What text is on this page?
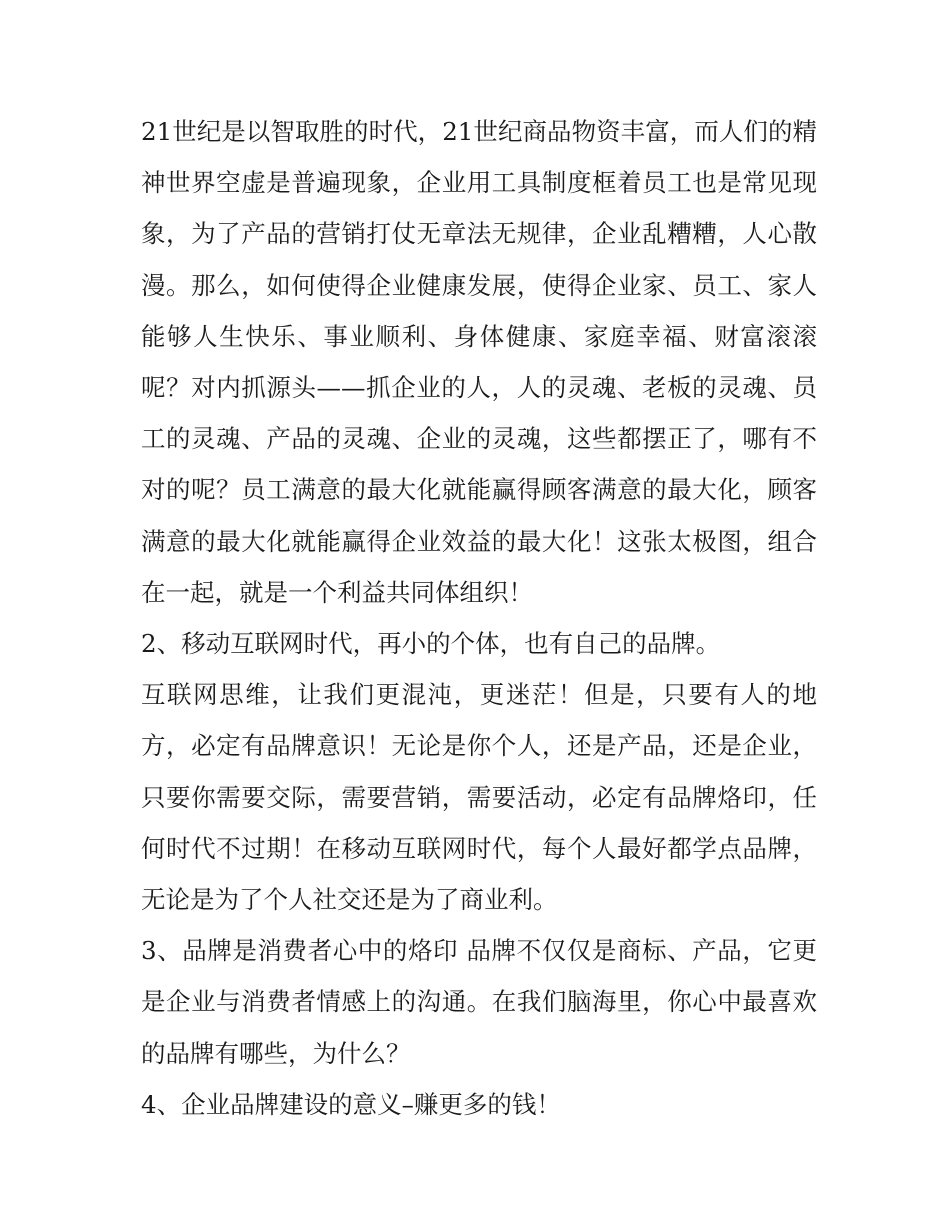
21世纪是以智取胜的时代，21世纪商品物资丰富，而人们的精神世界空虚是普遍现象，企业用工具制度框着员工也是常见现象，为了产品的营销打仗无章法无规律，企业乱糟糟，人心散漫。那么，如何使得企业健康发展，使得企业家、员工、家人能够人生快乐、事业顺利、身体健康、家庭幸福、财富滚滚呢？对内抓源头——抓企业的人，人的灵魂、老板的灵魂、员工的灵魂、产品的灵魂、企业的灵魂，这些都摆正了，哪有不对的呢？员工满意的最大化就能赢得顾客满意的最大化，顾客满意的最大化就能赢得企业效益的最大化！这张太极图，组合在一起，就是一个利益共同体组织！

2、移动互联网时代，再小的个体，也有自己的品牌。

互联网思维，让我们更混沌，更迷茫！但是，只要有人的地方，必定有品牌意识！无论是你个人，还是产品，还是企业，只要你需要交际，需要营销，需要活动，必定有品牌烙印，任何时代不过期！在移动互联网时代，每个人最好都学点品牌，无论是为了个人社交还是为了商业利。

3、品牌是消费者心中的烙印 品牌不仅仅是商标、产品，它更是企业与消费者情感上的沟通。在我们脑海里，你心中最喜欢的品牌有哪些，为什么？

4、企业品牌建设的意义–赚更多的钱！
